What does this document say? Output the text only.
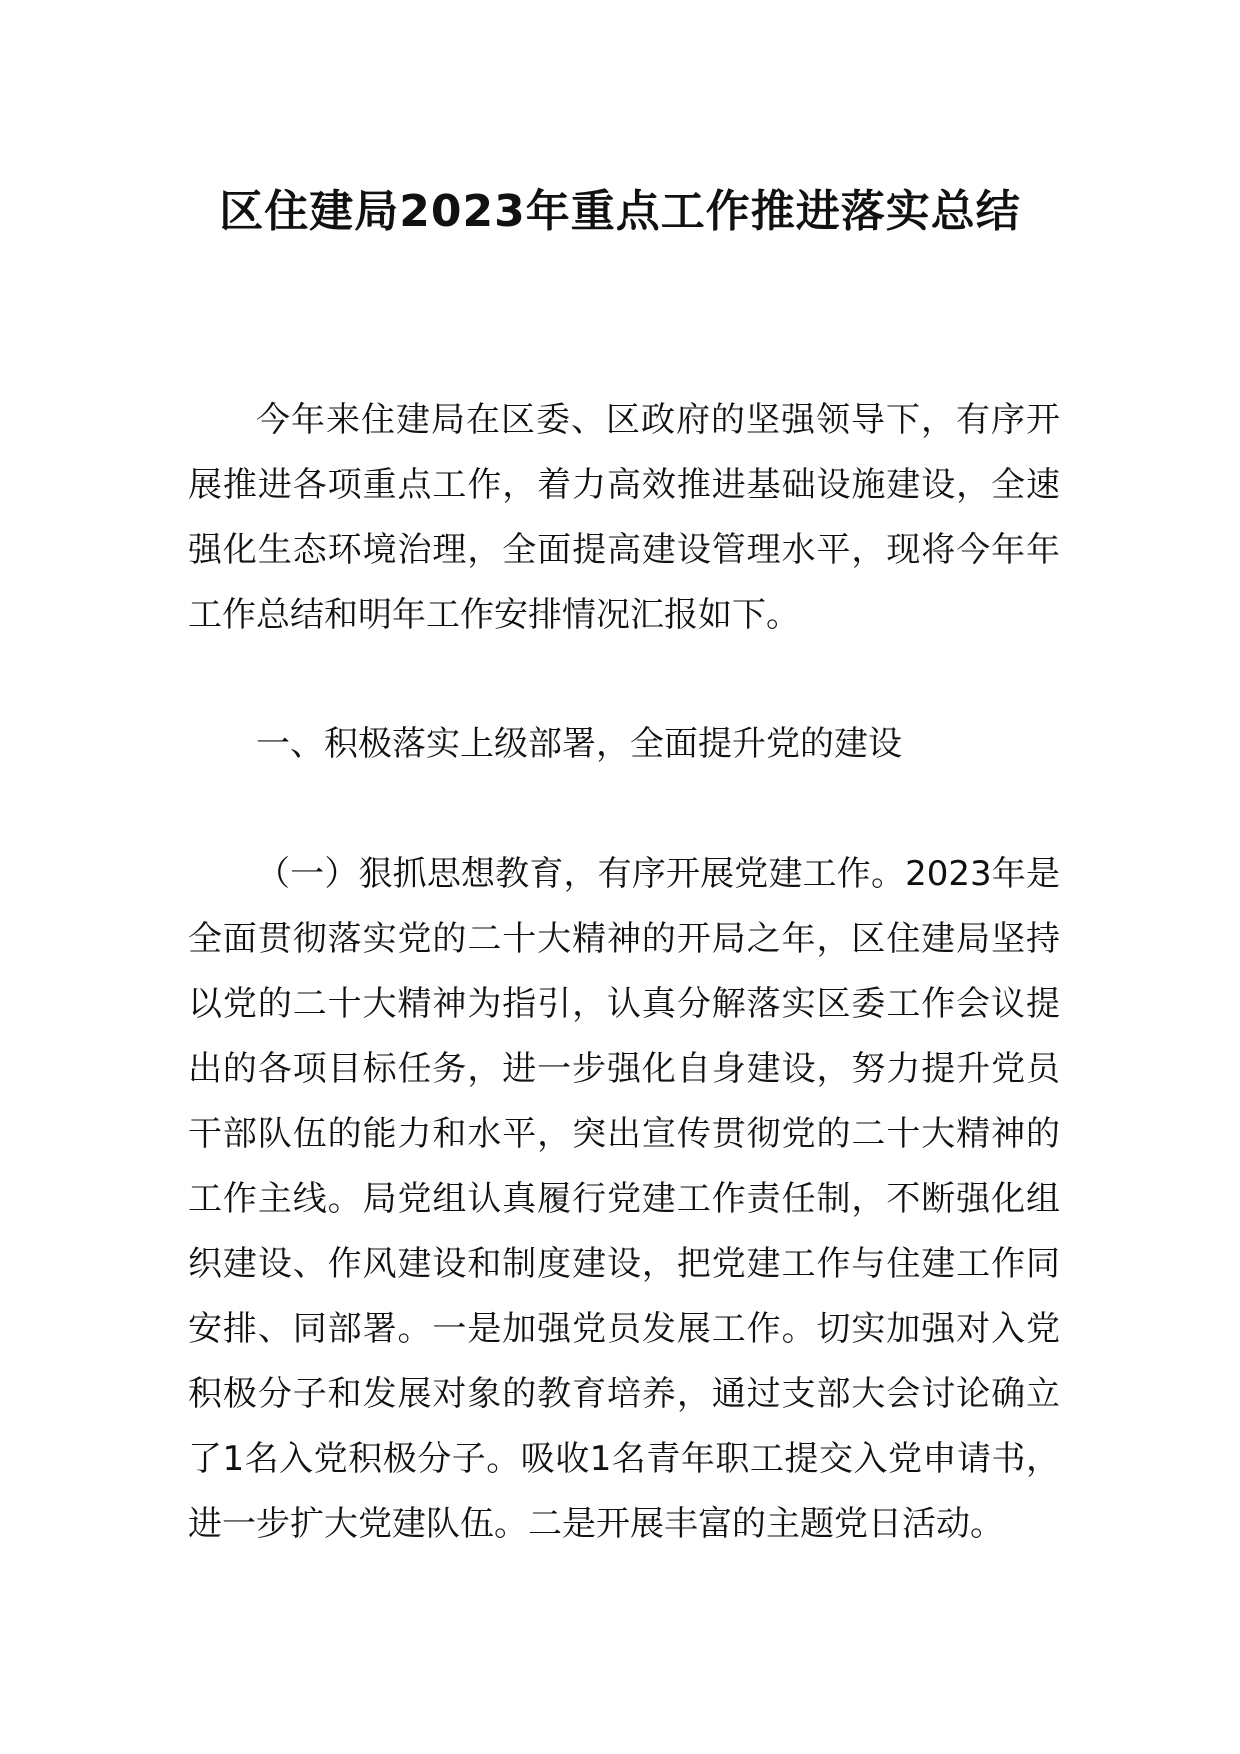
区住建局2023年重点工作推进落实总结

今年来住建局在区委、区政府的坚强领导下，有序开展推进各项重点工作，着力高效推进基础设施建设，全速强化生态环境治理，全面提高建设管理水平，现将今年年工作总结和明年工作安排情况汇报如下。

一、积极落实上级部署，全面提升党的建设

（一）狠抓思想教育，有序开展党建工作。2023年是全面贯彻落实党的二十大精神的开局之年，区住建局坚持以党的二十大精神为指引，认真分解落实区委工作会议提出的各项目标任务，进一步强化自身建设，努力提升党员干部队伍的能力和水平，突出宣传贯彻党的二十大精神的工作主线。局党组认真履行党建工作责任制，不断强化组织建设、作风建设和制度建设，把党建工作与住建工作同安排、同部署。一是加强党员发展工作。切实加强对入党积极分子和发展对象的教育培养，通过支部大会讨论确立了1名入党积极分子。吸收1名青年职工提交入党申请书，进一步扩大党建队伍。二是开展丰富的主题党日活动。
